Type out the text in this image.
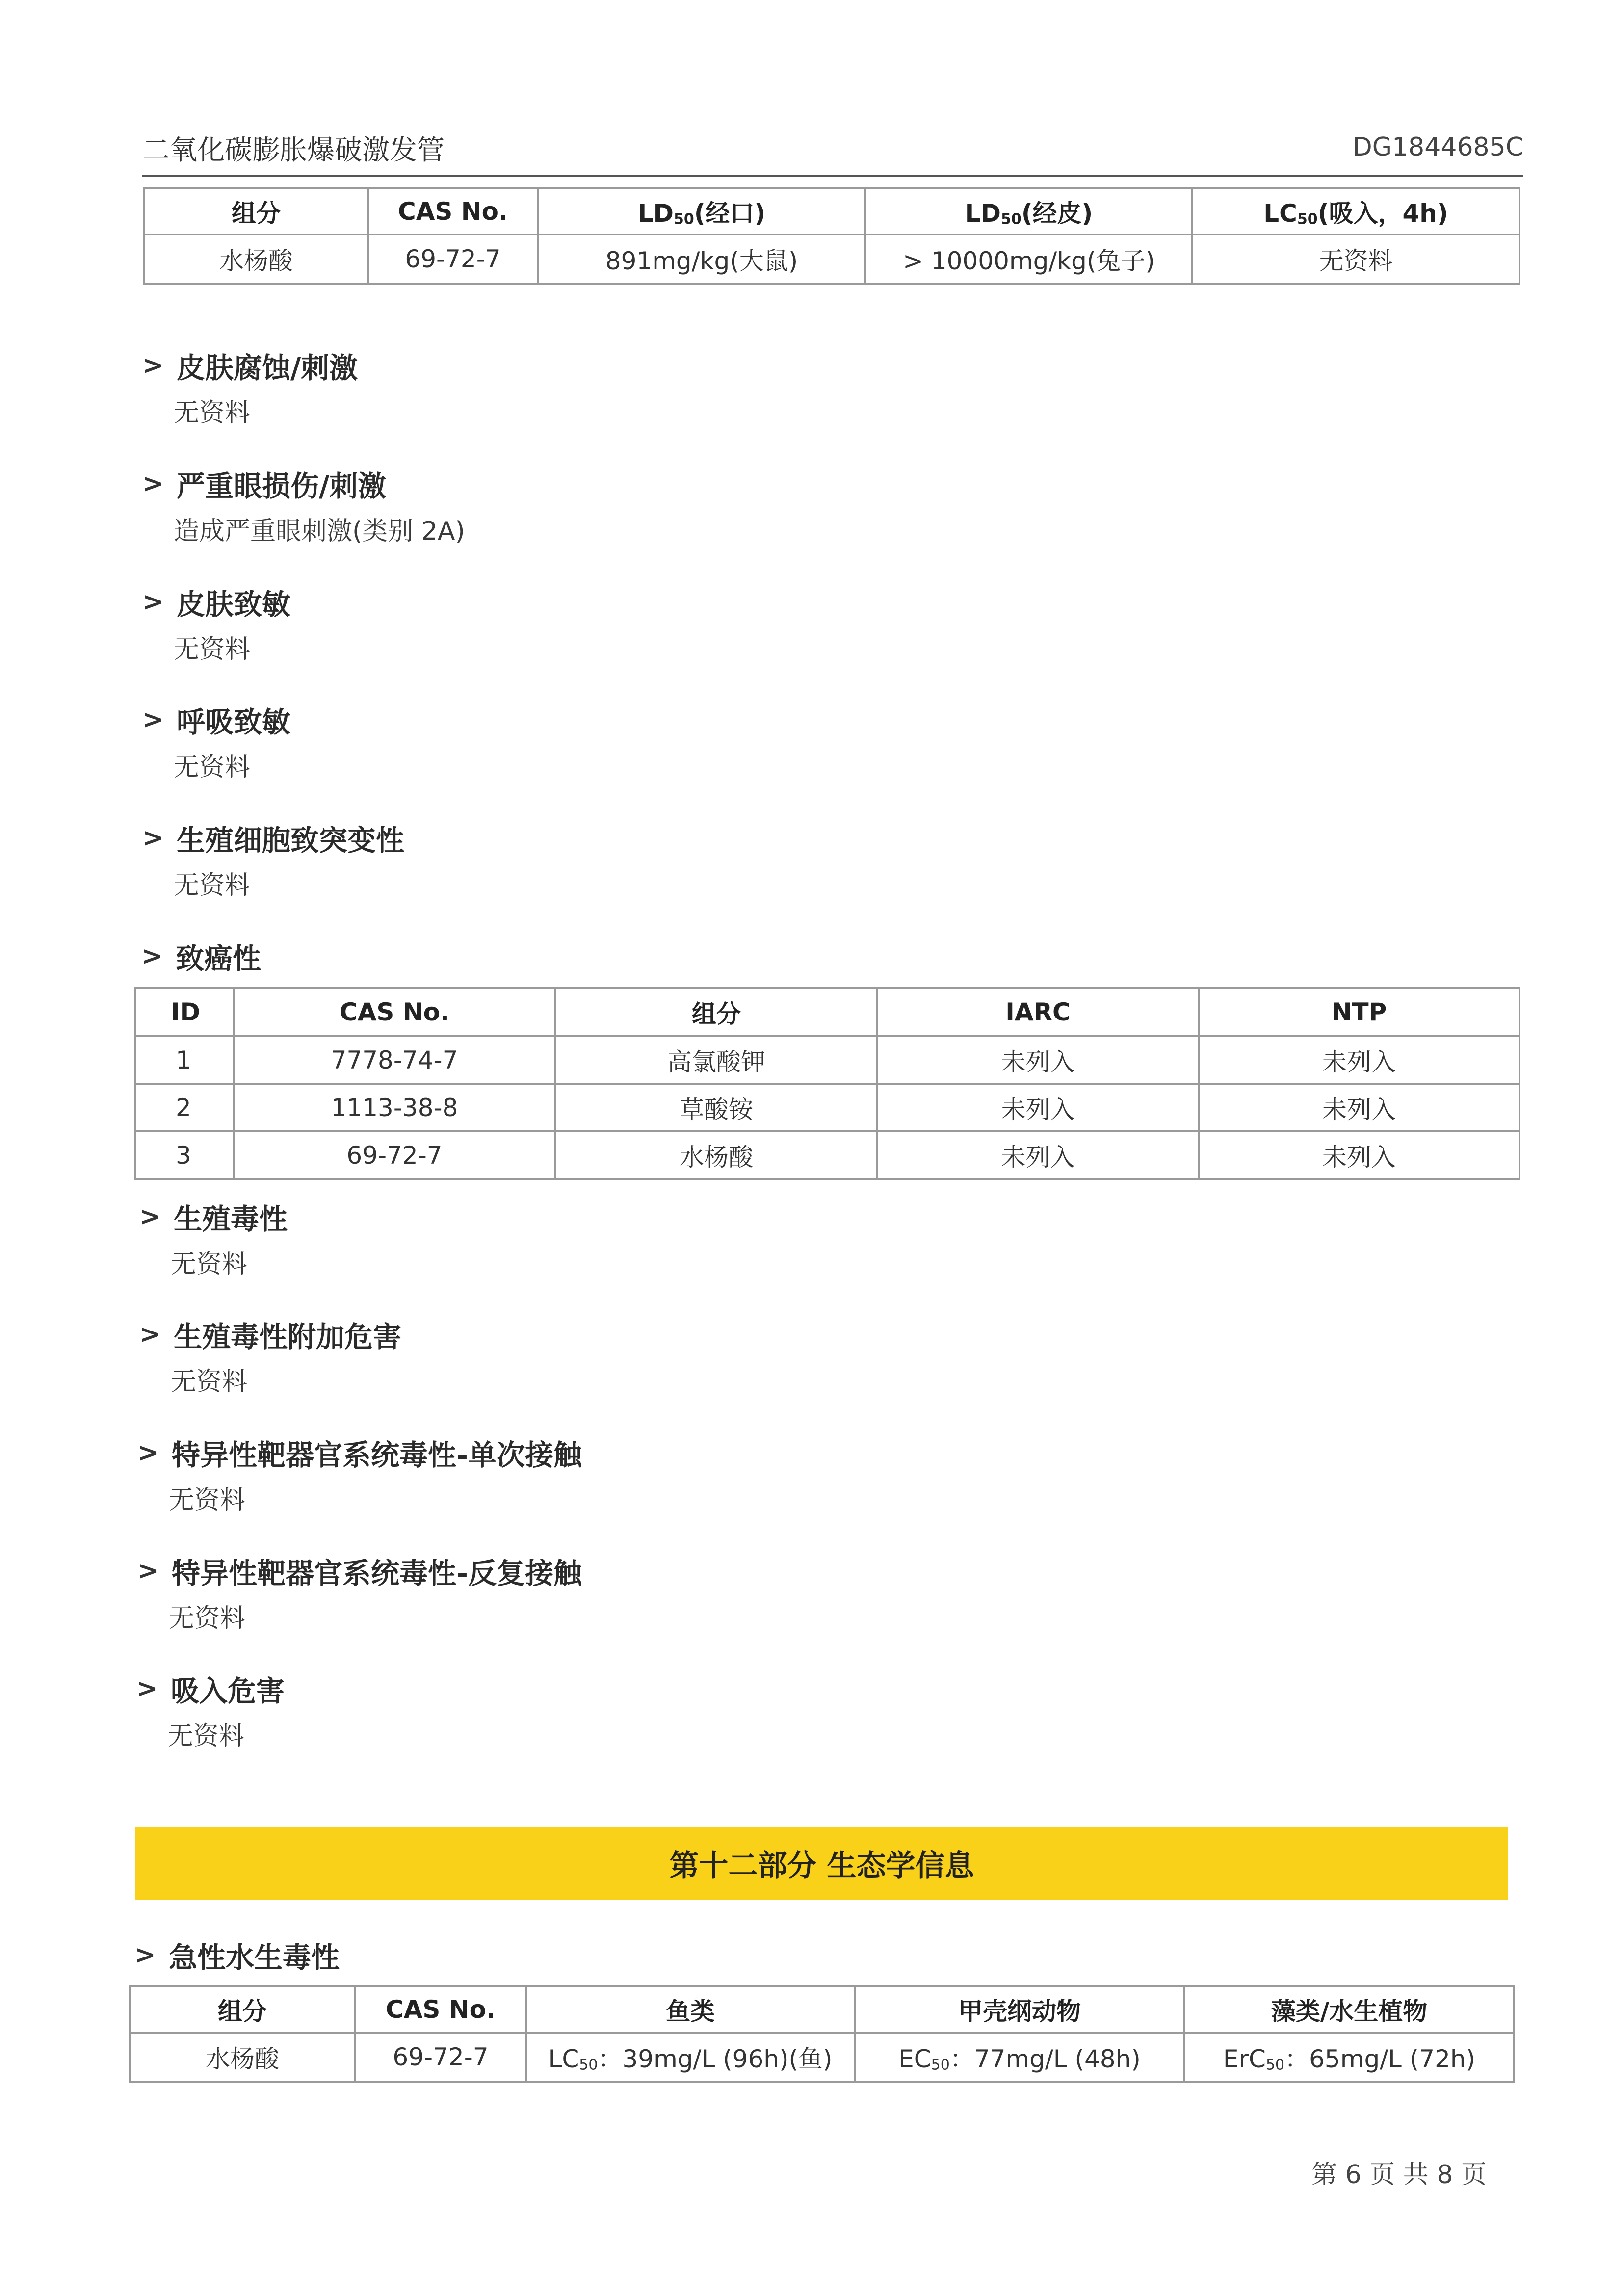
二氧化碳膨胀爆破激发管	DG1844685C
组分	CAS No.	$LD_{50}$(经口)	$LD_{50}$(经皮)	$LC_{50}$(吸入，4h)
水杨酸	69-72-7	891mg/kg(大鼠)	> 10000mg/kg(兔子)	无资料
> 皮肤腐蚀/刺激
无资料
> 严重眼损伤/刺激
造成严重眼刺激(类别 2A)
> 皮肤致敏
无资料
> 呼吸致敏
无资料
> 生殖细胞致突变性
无资料
> 致癌性
ID	CAS No.	组分	IARC	NTP
1	7778-74-7	高氯酸钾	未列入	未列入
2	1113-38-8	草酸铵	未列入	未列入
3	69-72-7	水杨酸	未列入	未列入
> 生殖毒性
无资料
> 生殖毒性附加危害
无资料
> 特异性靶器官系统毒性-单次接触
无资料
> 特异性靶器官系统毒性-反复接触
无资料
> 吸入危害
无资料
第十二部分 生态学信息
> 急性水生毒性
组分	CAS No.	鱼类	甲壳纲动物	藻类/水生植物
水杨酸	69-72-7	$LC_{50}$：39mg/L (96h)(鱼)	$EC_{50}$：77mg/L (48h)	ErC$_{50}$：65mg/L (72h)
第 6 页 共 8 页
